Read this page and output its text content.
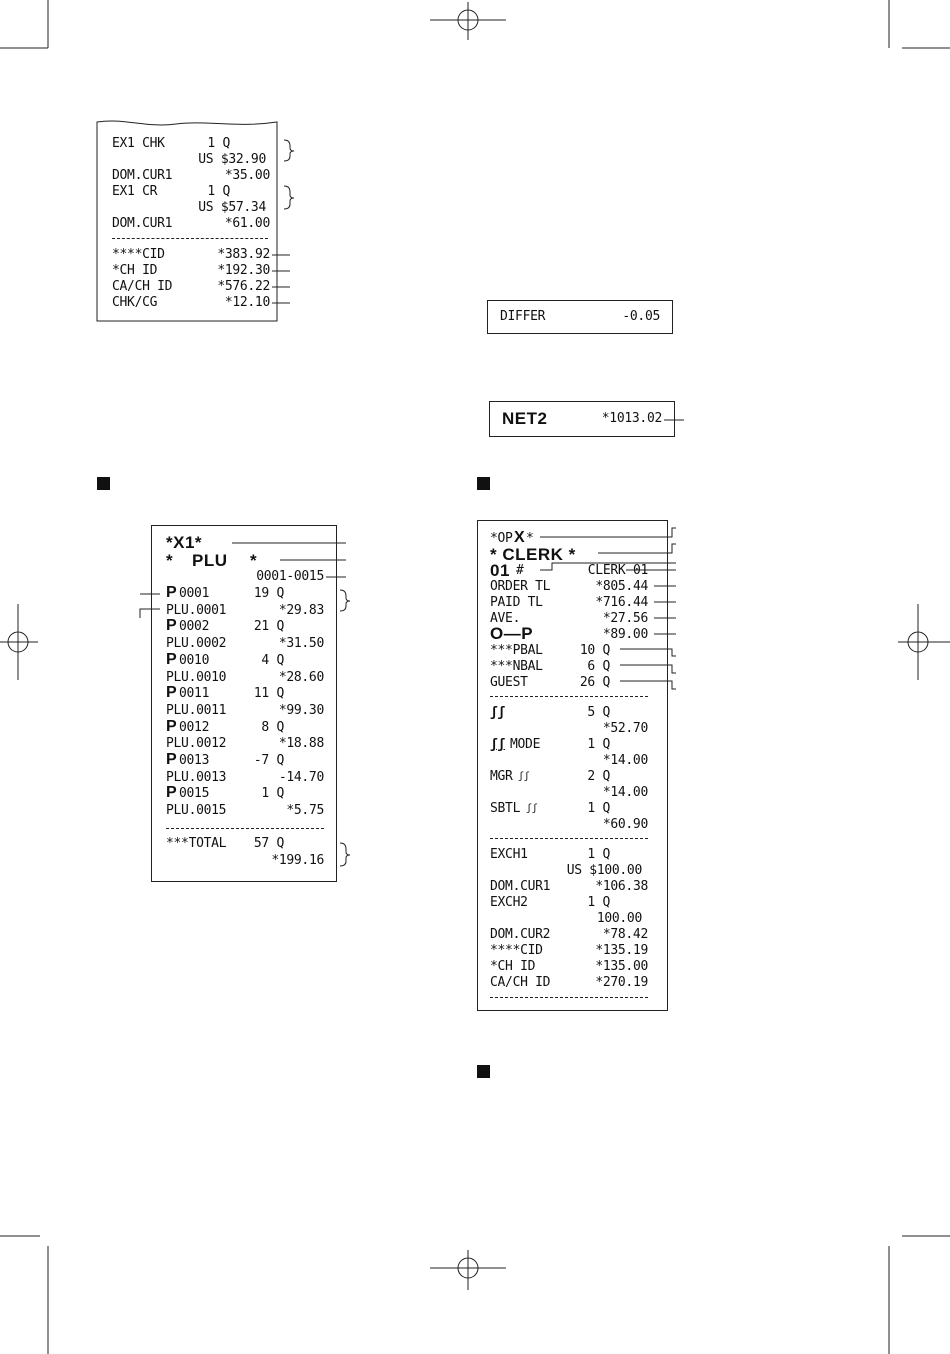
EX1 CHK	1 Q
US $32.90
DOM.CUR1	*35.00
EX1 CR	1 Q
US $57.34
DOM.CUR1	*61.00
****CID	*383.92
*CH ID	*192.30
CA/CH ID	*576.22
CHK/CG	*12.10
DIFFER	-0.05
NET2	*1013.02
*X1*
* PLU *
0001-0015
P 0001	19 Q
PLU.0001	*29.83
P 0002	21 Q
PLU.0002	*31.50
P 0010	4 Q
PLU.0010	*28.60
P 0011	11 Q
PLU.0011	*99.30
P 0012	8 Q
PLU.0012	*18.88
P 0013	-7 Q
PLU.0013	-14.70
P 0015	1 Q
PLU.0015	*5.75
***TOTAL	57 Q
*199.16
*OP X *
* CLERK *
01 #	CLERK 01
ORDER TL	*805.44
PAID TL	*716.44
AVE.	*27.56
O—P	*89.00
***PBAL	10 Q
***NBAL	6 Q
GUEST	26 Q
ʃʃ	5 Q
*52.70
ʃʃ MODE	1 Q
*14.00
MGR ʃʃ	2 Q
*14.00
SBTL ʃʃ	1 Q
*60.90
EXCH1	1 Q
US $100.00
DOM.CUR1	*106.38
EXCH2	1 Q
100.00
DOM.CUR2	*78.42
****CID	*135.19
*CH ID	*135.00
CA/CH ID	*270.19
